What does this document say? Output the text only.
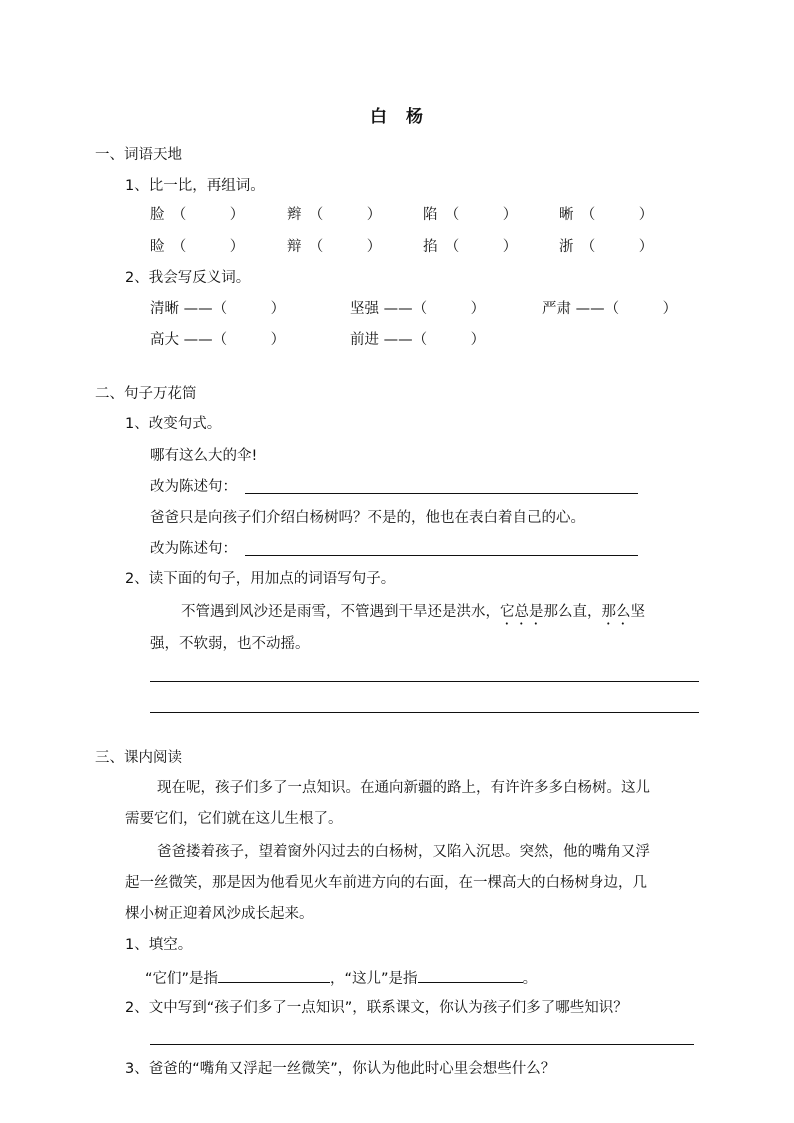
白　杨
一、词语天地
1、比一比，再组词。
脸　（　　　）	辫　（　　　）	陷　（　　　）	晰　（　　　）
睑　（　　　）	辩　（　　　）	掐　（　　　）	浙　（　　　）
2、我会写反义词。
清晰 ——（　　　）	坚强 ——（　　　）	严肃 ——（　　　）
高大 ——（　　　）	前进 ——（　　　）
二、句子万花筒
1、改变句式。
哪有这么大的伞!
改为陈述句：
爸爸只是向孩子们介绍白杨树吗？不是的，他也在表白着自己的心。
改为陈述句：
2、读下面的句子，用加点的词语写句子。
不管遇到风沙还是雨雪，不管遇到干旱还是洪水，它总是那么直，那么坚
强，不软弱，也不动摇。
三、课内阅读
现在呢，孩子们多了一点知识。在通向新疆的路上，有许许多多白杨树。这儿
需要它们，它们就在这儿生根了。
爸爸搂着孩子，望着窗外闪过去的白杨树，又陷入沉思。突然，他的嘴角又浮
起一丝微笑，那是因为他看见火车前进方向的右面，在一棵高大的白杨树身边，几
棵小树正迎着风沙成长起来。
1、填空。
“它们”是指	，“这儿”是指	。
2、文中写到“孩子们多了一点知识”，联系课文，你认为孩子们多了哪些知识？
3、爸爸的“嘴角又浮起一丝微笑”，你认为他此时心里会想些什么？
